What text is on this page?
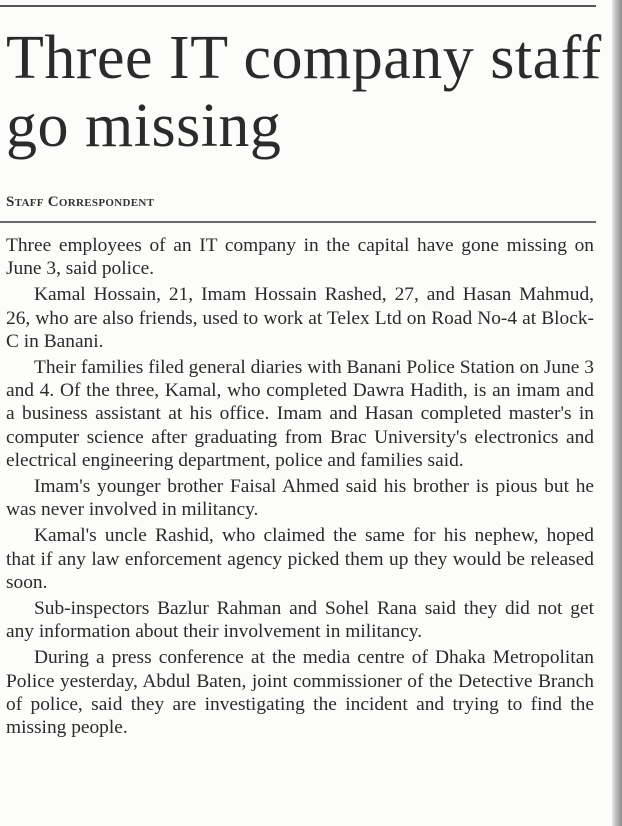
Three IT company staff go missing
Staff Correspondent

Three employees of an IT company in the capital have gone missing on June 3, said police.

Kamal Hossain, 21, Imam Hossain Rashed, 27, and Hasan Mahmud, 26, who are also friends, used to work at Telex Ltd on Road No-4 at Block-C in Banani.

Their families filed general diaries with Banani Police Station on June 3 and 4. Of the three, Kamal, who completed Dawra Hadith, is an imam and a business assistant at his office. Imam and Hasan completed master's in computer science after graduating from Brac University's electronics and electrical engineering department, police and families said.

Imam's younger brother Faisal Ahmed said his brother is pious but he was never involved in militancy.

Kamal's uncle Rashid, who claimed the same for his nephew, hoped that if any law enforcement agency picked them up they would be released soon.

Sub-inspectors Bazlur Rahman and Sohel Rana said they did not get any information about their involvement in militancy.

During a press conference at the media centre of Dhaka Metropolitan Police yesterday, Abdul Baten, joint commissioner of the Detective Branch of police, said they are investigating the incident and trying to find the missing people.
